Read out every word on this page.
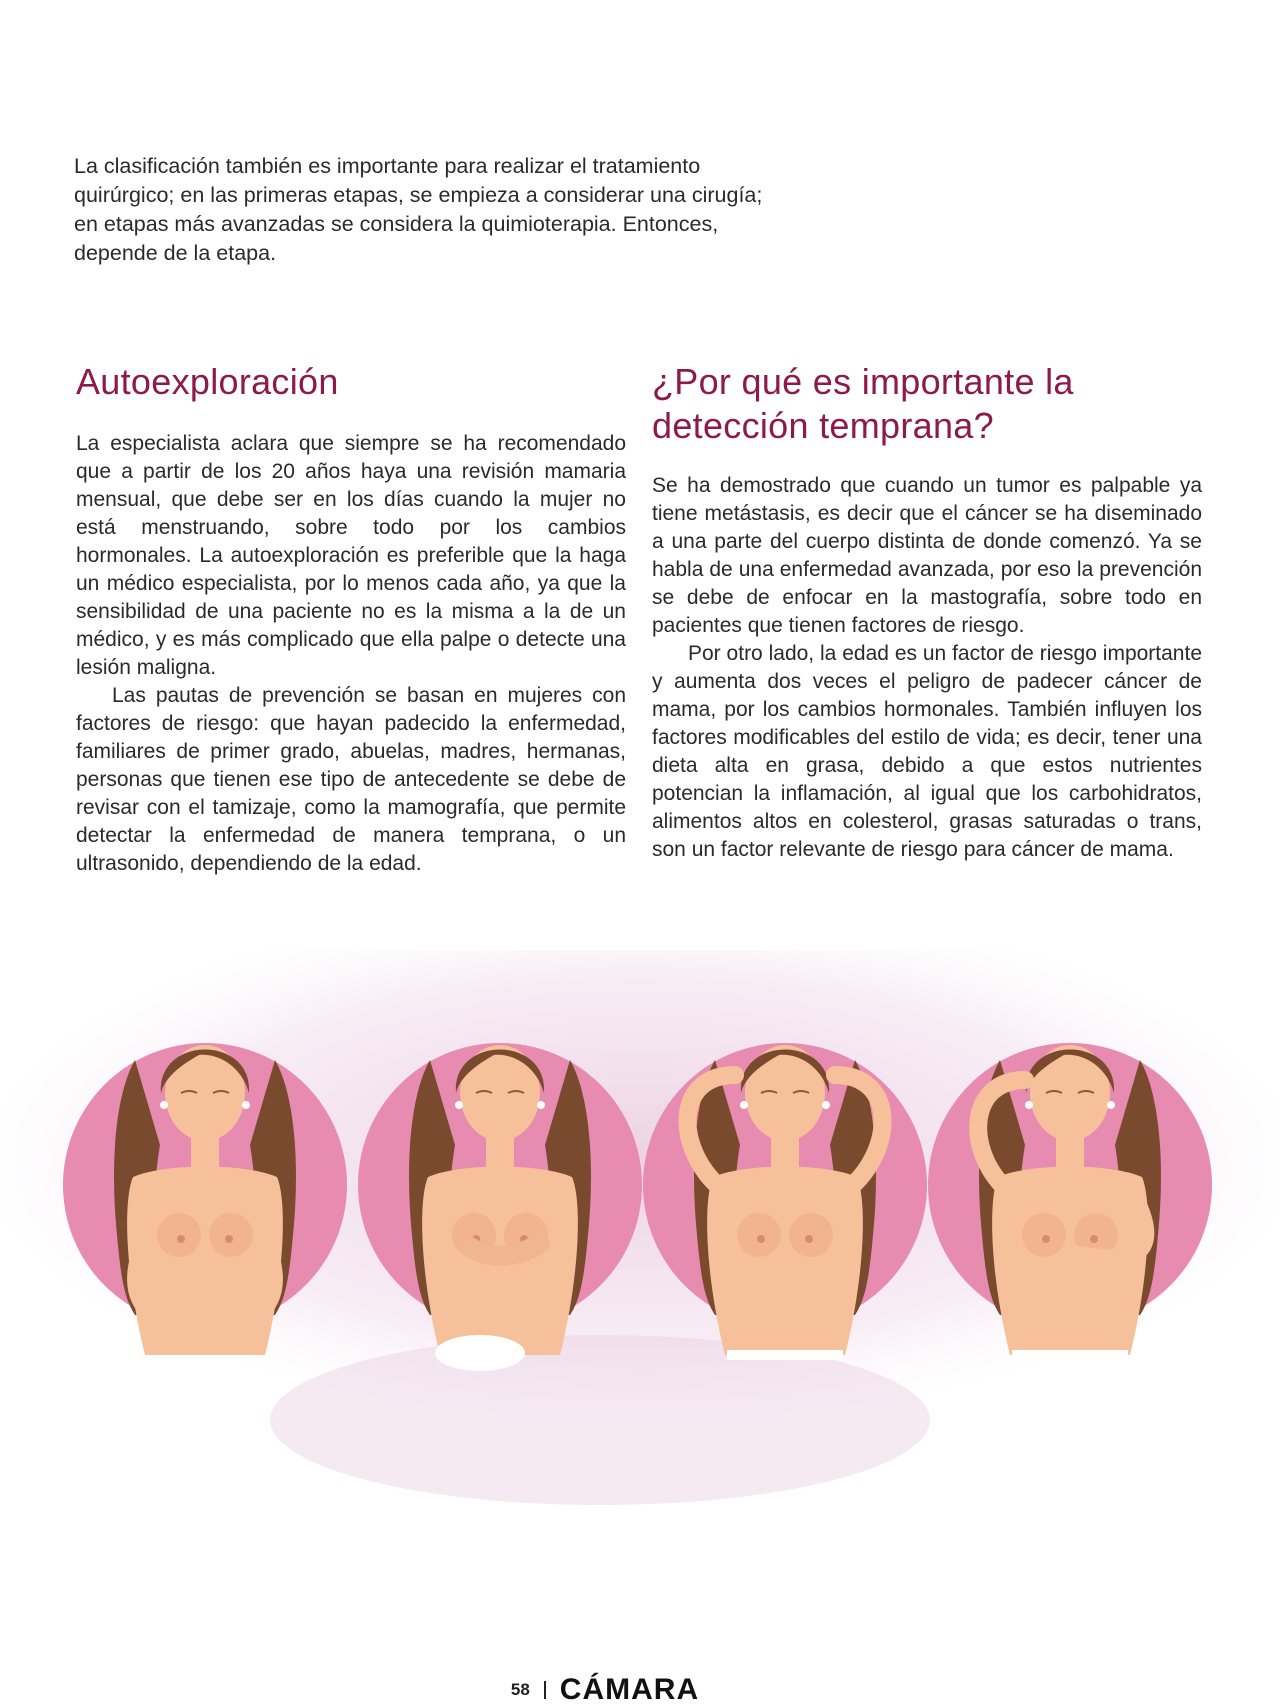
La clasificación también es importante para realizar el tratamiento quirúrgico; en las primeras etapas, se empieza a considerar una cirugía; en etapas más avanzadas se considera la quimioterapia. Entonces, depende de la etapa.

Autoexploración

La especialista aclara que siempre se ha recomendado que a partir de los 20 años haya una revisión mamaria mensual, que debe ser en los días cuando la mujer no está menstruando, sobre todo por los cambios hormonales. La autoexploración es preferible que la haga un médico especialista, por lo menos cada año, ya que la sensibilidad de una paciente no es la misma a la de un médico, y es más complicado que ella palpe o detecte una lesión maligna.

Las pautas de prevención se basan en mujeres con factores de riesgo: que hayan padecido la enfermedad, familiares de primer grado, abuelas, madres, hermanas, personas que tienen ese tipo de antecedente se debe de revisar con el tamizaje, como la mamografía, que permite detectar la enfermedad de manera temprana, o un ultrasonido, dependiendo de la edad.

¿Por qué es importante la
detección temprana?

Se ha demostrado que cuando un tumor es palpable ya tiene metástasis, es decir que el cáncer se ha diseminado a una parte del cuerpo distinta de donde comenzó. Ya se habla de una enfermedad avanzada, por eso la prevención se debe de enfocar en la mastografía, sobre todo en pacientes que tienen factores de riesgo.

Por otro lado, la edad es un factor de riesgo importante y aumenta dos veces el peligro de padecer cáncer de mama, por los cambios hormonales. También influyen los factores modificables del estilo de vida; es decir, tener una dieta alta en grasa, debido a que estos nutrientes potencian la inflamación, al igual que los carbohidratos, alimentos altos en colesterol, grasas saturadas o trans, son un factor relevante de riesgo para cáncer de mama.

58 CÁMARA
